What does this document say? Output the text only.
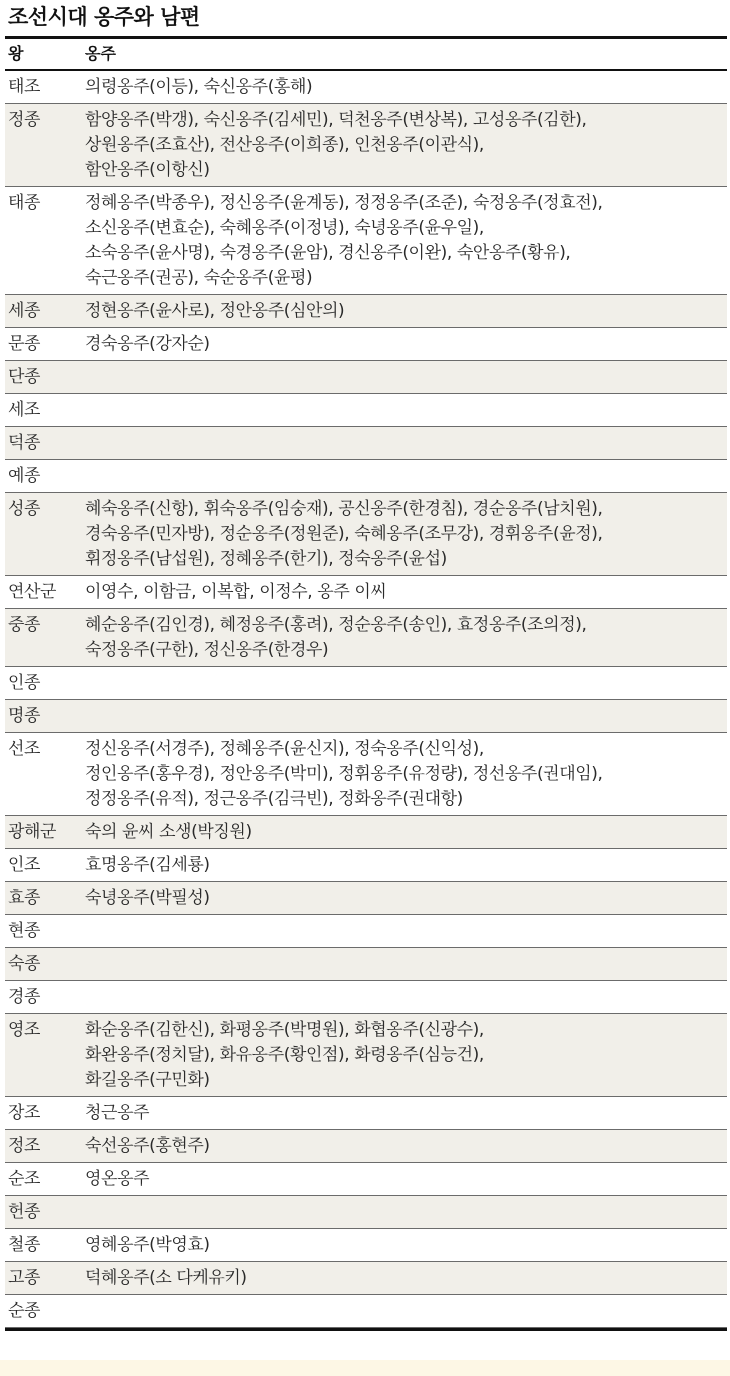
조선시대 옹주와 남편
왕	옹주
태조	의령옹주(이등), 숙신옹주(홍해)
정종	함양옹주(박갱), 숙신옹주(김세민), 덕천옹주(변상복), 고성옹주(김한),
상원옹주(조효산), 전산옹주(이희종), 인천옹주(이관식),
함안옹주(이항신)
태종	정혜옹주(박종우), 정신옹주(윤계동), 정정옹주(조준), 숙정옹주(정효전),
소신옹주(변효순), 숙혜옹주(이정녕), 숙녕옹주(윤우일),
소숙옹주(윤사명), 숙경옹주(윤암), 경신옹주(이완), 숙안옹주(황유),
숙근옹주(권공), 숙순옹주(윤평)
세종	정현옹주(윤사로), 정안옹주(심안의)
문종	경숙옹주(강자순)
단종
세조
덕종
예종
성종	혜숙옹주(신항), 휘숙옹주(임숭재), 공신옹주(한경침), 경순옹주(남치원),
경숙옹주(민자방), 정순옹주(정원준), 숙혜옹주(조무강), 경휘옹주(윤정),
휘정옹주(남섭원), 정혜옹주(한기), 정숙옹주(윤섭)
연산군	이영수, 이함금, 이복합, 이정수, 옹주 이씨
중종	혜순옹주(김인경), 혜정옹주(홍려), 정순옹주(송인), 효정옹주(조의정),
숙정옹주(구한), 정신옹주(한경우)
인종
명종
선조	정신옹주(서경주), 정혜옹주(윤신지), 정숙옹주(신익성),
정인옹주(홍우경), 정안옹주(박미), 정휘옹주(유정량), 정선옹주(권대임),
정정옹주(유적), 정근옹주(김극빈), 정화옹주(권대항)
광해군	숙의 윤씨 소생(박징원)
인조	효명옹주(김세룡)
효종	숙녕옹주(박필성)
현종
숙종
경종
영조	화순옹주(김한신), 화평옹주(박명원), 화협옹주(신광수),
화완옹주(정치달), 화유옹주(황인점), 화령옹주(심능건),
화길옹주(구민화)
장조	청근옹주
정조	숙선옹주(홍현주)
순조	영온옹주
헌종
철종	영혜옹주(박영효)
고종	덕혜옹주(소 다케유키)
순종
